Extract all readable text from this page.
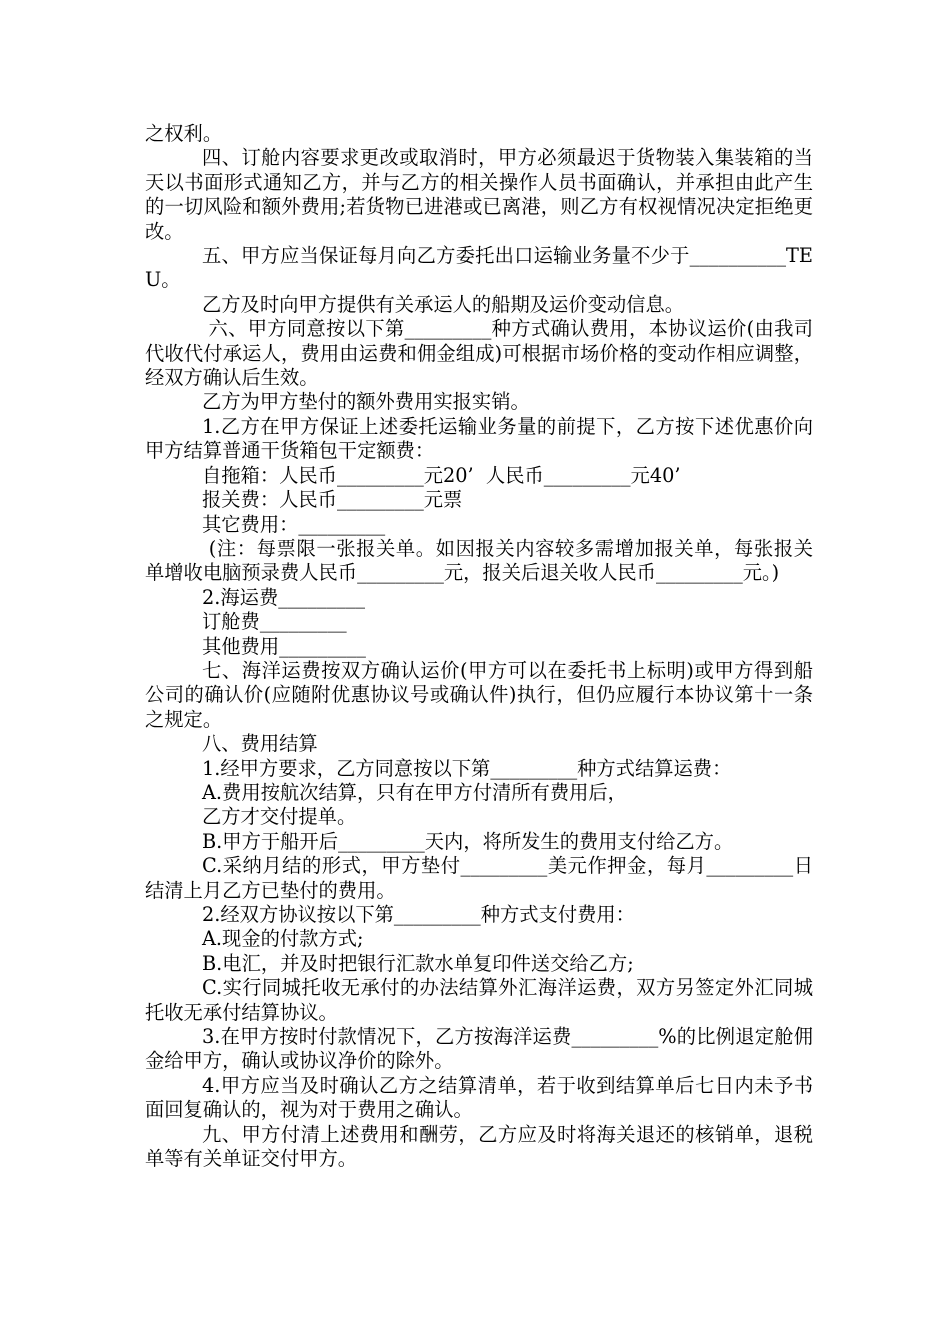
之权利。

四、订舱内容要求更改或取消时，甲方必须最迟于货物装入集装箱的当天以书面形式通知乙方，并与乙方的相关操作人员书面确认，并承担由此产生的一切风险和额外费用;若货物已进港或已离港，则乙方有权视情况决定拒绝更改。

五、甲方应当保证每月向乙方委托出口运输业务量不少于__________TEU。

乙方及时向甲方提供有关承运人的船期及运价变动信息。

六、甲方同意按以下第_________种方式确认费用，本协议运价(由我司代收代付承运人，费用由运费和佣金组成)可根据市场价格的变动作相应调整，经双方确认后生效。

乙方为甲方垫付的额外费用实报实销。

1.乙方在甲方保证上述委托运输业务量的前提下，乙方按下述优惠价向甲方结算普通干货箱包干定额费：

自拖箱：人民币_________元20’  人民币_________元40’

报关费：人民币_________元票

其它费用：_________

(注：每票限一张报关单。如因报关内容较多需增加报关单，每张报关单增收电脑预录费人民币_________元，报关后退关收人民币_________元。)

2.海运费_________

订舱费_________

其他费用_________

七、海洋运费按双方确认运价(甲方可以在委托书上标明)或甲方得到船公司的确认价(应随附优惠协议号或确认件)执行，但仍应履行本协议第十一条之规定。

八、费用结算

1.经甲方要求，乙方同意按以下第_________种方式结算运费：

A.费用按航次结算，只有在甲方付清所有费用后，

乙方才交付提单。

B.甲方于船开后_________天内，将所发生的费用支付给乙方。

C.采纳月结的形式，甲方垫付_________美元作押金，每月_________日结清上月乙方已垫付的费用。

2.经双方协议按以下第_________种方式支付费用：

A.现金的付款方式;

B.电汇，并及时把银行汇款水单复印件送交给乙方;

C.实行同城托收无承付的办法结算外汇海洋运费，双方另签定外汇同城托收无承付结算协议。

3.在甲方按时付款情况下，乙方按海洋运费_________%的比例退定舱佣金给甲方，确认或协议净价的除外。

4.甲方应当及时确认乙方之结算清单，若于收到结算单后七日内未予书面回复确认的，视为对于费用之确认。

九、甲方付清上述费用和酬劳，乙方应及时将海关退还的核销单，退税单等有关单证交付甲方。
